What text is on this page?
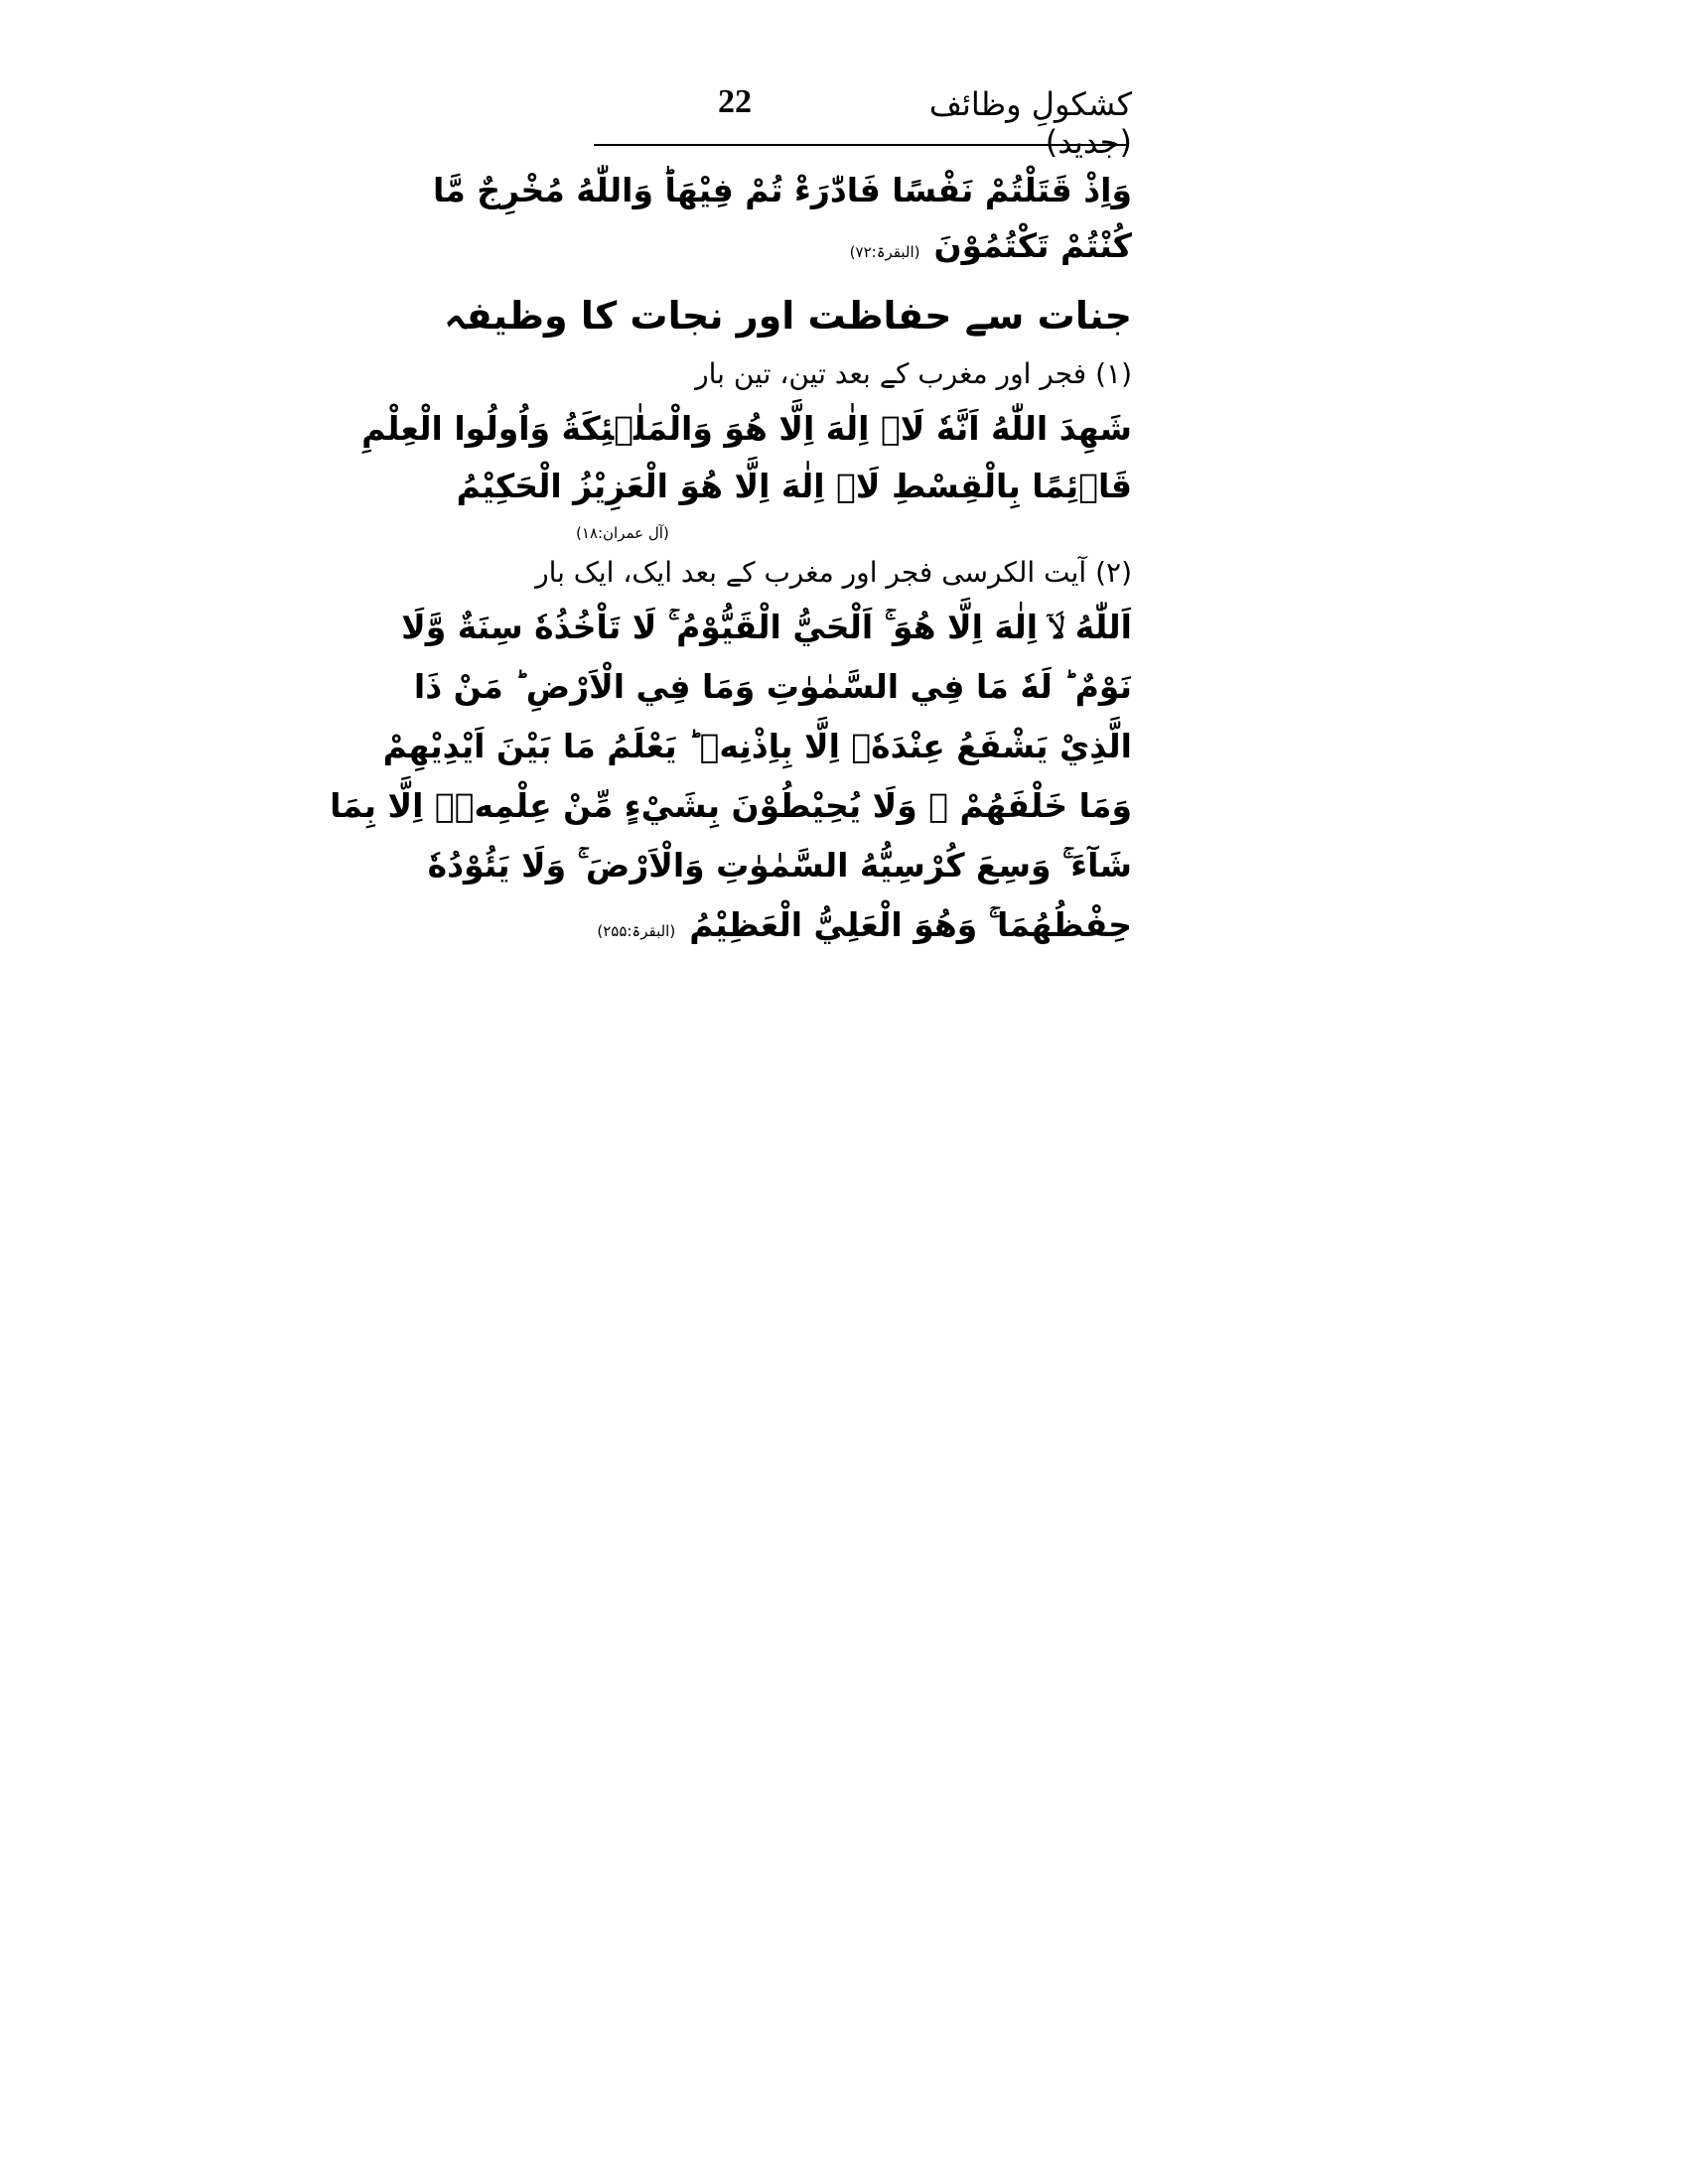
کشکولِ وظائف (جدید)
22
وَاِذْ قَتَلْتُمْ نَفْسًا فَادّٰرَءْ تُمْ فِيْهَاؕ وَاللّٰهُ مُخْرِجٌ مَّا
كُنْتُمْ تَكْتُمُوْنَ
(البقرۃ:۷۲)
جنات سے حفاظت اور نجات کا وظیفہ
(۱) فجر اور مغرب کے بعد تین، تین بار
شَهِدَ اللّٰهُ اَنَّهٗ لَاۤ اِلٰهَ اِلَّا هُوَ وَالْمَلٰۤئِكَةُ وَاُولُوا الْعِلْمِ
قَاۤئِمًا بِالْقِسْطِ لَاۤ اِلٰهَ اِلَّا هُوَ الْعَزِيْزُ الْحَكِيْمُ
(آل عمران:۱۸)
(۲) آیت الکرسی فجر اور مغرب کے بعد ایک، ایک بار
اَللّٰهُ لَاۤ اِلٰهَ اِلَّا هُوَ ۚ اَلْحَيُّ الْقَيُّوْمُ ۚ لَا تَاْخُذُهٗ سِنَةٌ وَّلَا
نَوْمٌ ؕ لَهٗ مَا فِي السَّمٰوٰتِ وَمَا فِي الْاَرْضِ ؕ مَنْ ذَا
الَّذِيْ يَشْفَعُ عِنْدَهٗۤ اِلَّا بِاِذْنِهٖ ؕ يَعْلَمُ مَا بَيْنَ اَيْدِيْهِمْ
وَمَا خَلْفَهُمْ ۚ وَلَا يُحِيْطُوْنَ بِشَيْءٍ مِّنْ عِلْمِهٖۤ اِلَّا بِمَا
شَآءَ ۚ وَسِعَ كُرْسِيُّهُ السَّمٰوٰتِ وَالْاَرْضَ ۚ وَلَا يَئُوْدُهٗ
حِفْظُهُمَا ۚ وَهُوَ الْعَلِيُّ الْعَظِيْمُ
(البقرۃ:۲۵۵)
